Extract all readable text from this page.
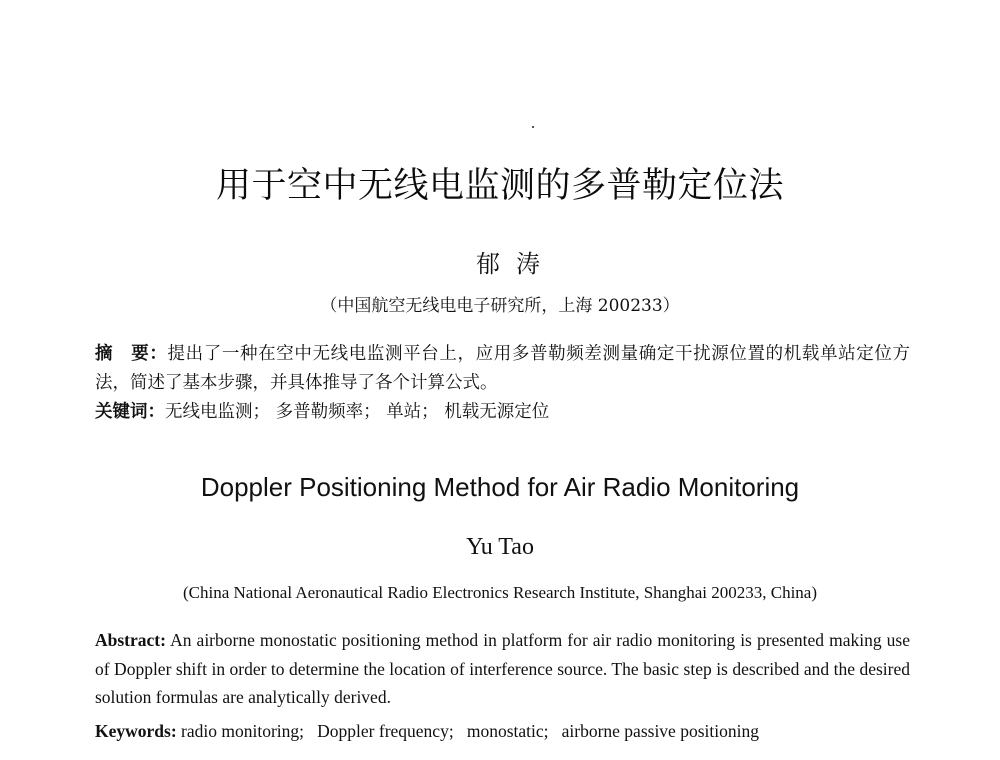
用于空中无线电监测的多普勒定位法
郁涛
（中国航空无线电电子研究所，上海 200233）
摘　要：提出了一种在空中无线电监测平台上，应用多普勒频差测量确定干扰源位置的机载单站定位方法，简述了基本步骤，并具体推导了各个计算公式。
关键词：无线电监测； 多普勒频率； 单站； 机载无源定位
Doppler Positioning Method for Air Radio Monitoring
Yu Tao
(China National Aeronautical Radio Electronics Research Institute, Shanghai 200233, China)
Abstract: An airborne monostatic positioning method in platform for air radio monitoring is presented making use of Doppler shift in order to determine the location of interference source. The basic step is described and the desired solution formulas are analytically derived.
Keywords: radio monitoring;   Doppler frequency;   monostatic;   airborne passive positioning
